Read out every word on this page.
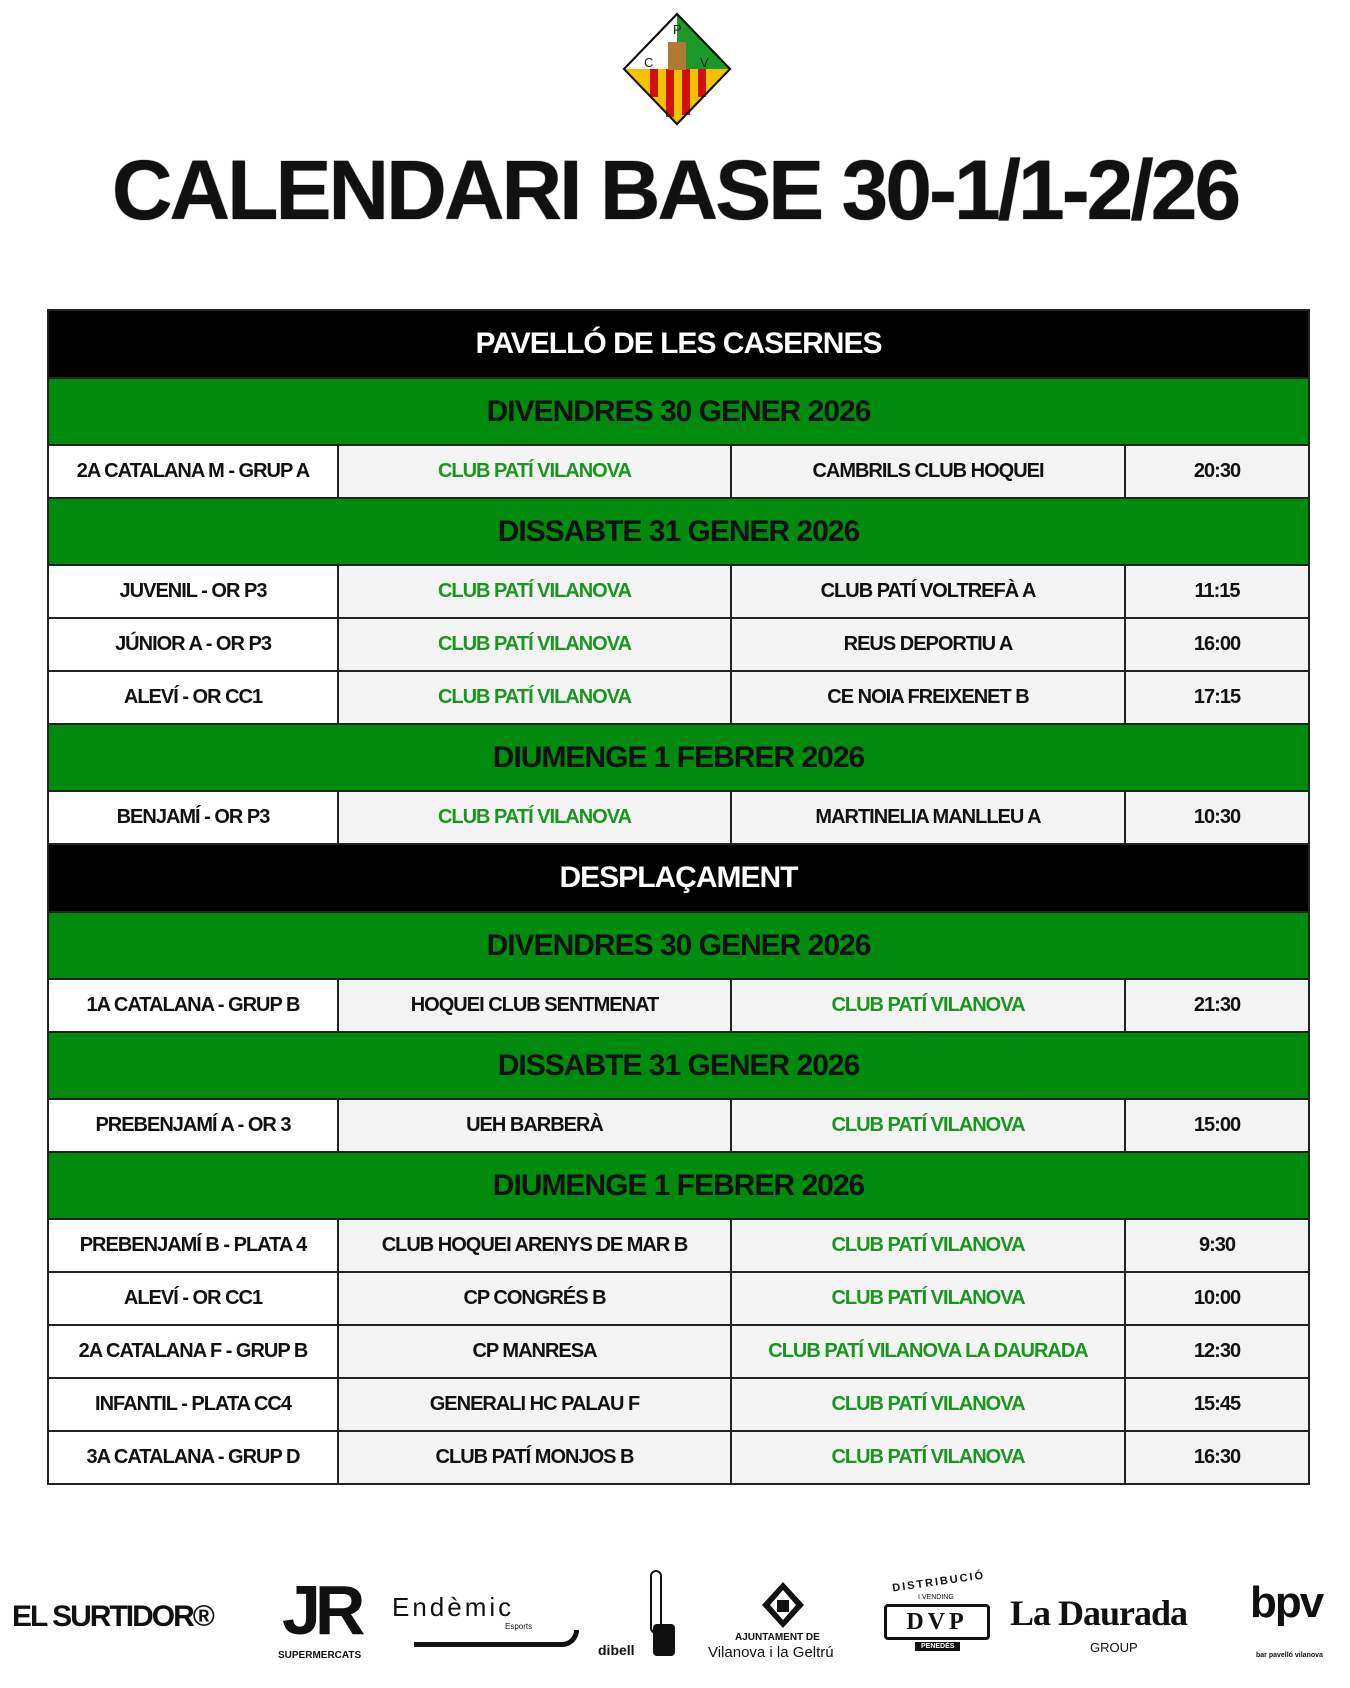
C
P
V
CALENDARI BASE 30-1/1-2/26
PAVELLÓ DE LES CASERNES			
DIVENDRES 30 GENER 2026			
2A CATALANA M - GRUP A	CLUB PATÍ VILANOVA	CAMBRILS CLUB HOQUEI	20:30
DISSABTE 31 GENER 2026			
JUVENIL - OR P3	CLUB PATÍ VILANOVA	CLUB PATÍ VOLTREFÀ A	11:15
JÚNIOR A - OR P3	CLUB PATÍ VILANOVA	REUS DEPORTIU A	16:00
ALEVÍ - OR CC1	CLUB PATÍ VILANOVA	CE NOIA FREIXENET B	17:15
DIUMENGE 1 FEBRER 2026			
BENJAMÍ - OR P3	CLUB PATÍ VILANOVA	MARTINELIA MANLLEU A	10:30
DESPLAÇAMENT			
DIVENDRES 30 GENER 2026			
1A CATALANA - GRUP B	HOQUEI CLUB SENTMENAT	CLUB PATÍ VILANOVA	21:30
DISSABTE 31 GENER 2026			
PREBENJAMÍ A - OR 3	UEH BARBERÀ	CLUB PATÍ VILANOVA	15:00
DIUMENGE 1 FEBRER 2026			
PREBENJAMÍ B - PLATA 4	CLUB HOQUEI ARENYS DE MAR B	CLUB PATÍ VILANOVA	9:30
ALEVÍ - OR CC1	CP CONGRÉS B	CLUB PATÍ VILANOVA	10:00
2A CATALANA F - GRUP B	CP MANRESA	CLUB PATÍ VILANOVA LA DAURADA	12:30
INFANTIL - PLATA CC4	GENERALI HC PALAU F	CLUB PATÍ VILANOVA	15:45
3A CATALANA - GRUP D	CLUB PATÍ MONJOS B	CLUB PATÍ VILANOVA	16:30
EL SURTIDOR® JR
SUPERMERCATS
Endèmic
Esports
dibell
AJUNTAMENT DE
Vilanova i la Geltrú
DISTRIBUCIÓ
I VENDING
DVP
PENEDÈS
La Daurada
GROUP
bpv
bar pavelló vilanova
